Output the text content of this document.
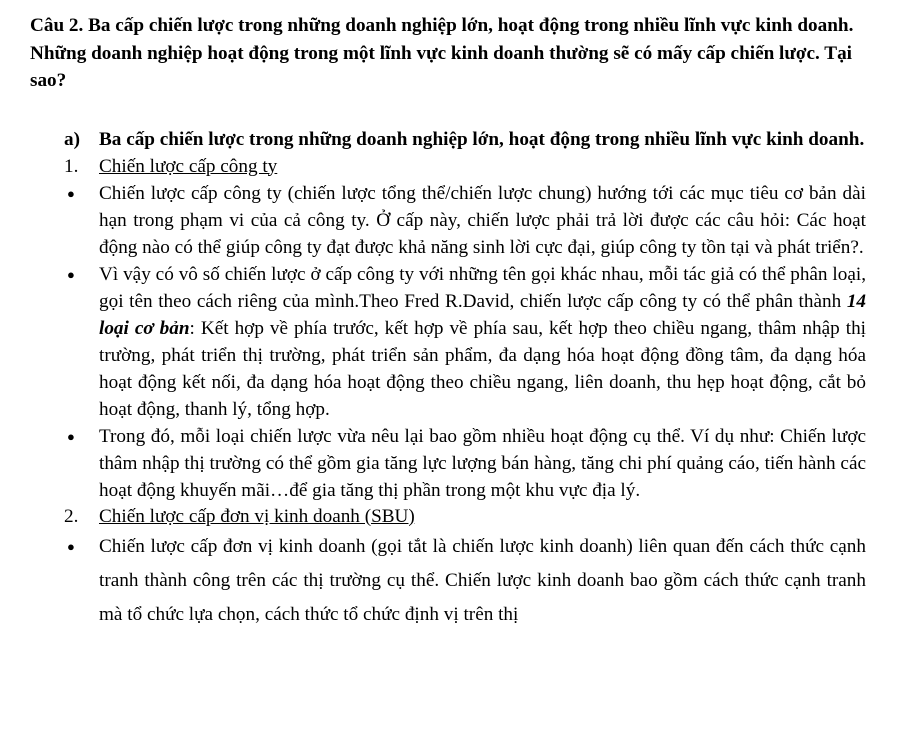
Câu 2. Ba cấp chiến lược trong những doanh nghiệp lớn, hoạt động trong nhiều lĩnh vực kinh doanh. Những doanh nghiệp hoạt động trong một lĩnh vực kinh doanh thường sẽ có mấy cấp chiến lược. Tại sao?

a) Ba cấp chiến lược trong những doanh nghiệp lớn, hoạt động trong nhiều lĩnh vực kinh doanh.
1.	Chiến lược cấp công ty
●	Chiến lược cấp công ty (chiến lược tổng thể/chiến lược chung) hướng tới các mục tiêu cơ bản dài hạn trong phạm vi của cả công ty. Ở cấp này, chiến lược phải trả lời được các câu hỏi: Các hoạt động nào có thể giúp công ty đạt được khả năng sinh lời cực đại, giúp công ty tồn tại và phát triển?.
●	Vì vậy có vô số chiến lược ở cấp công ty với những tên gọi khác nhau, mỗi tác giả có thể phân loại, gọi tên theo cách riêng của mình.Theo Fred R.David, chiến lược cấp công ty có thể phân thành 14 loại cơ bản: Kết hợp về phía trước, kết hợp về phía sau, kết hợp theo chiều ngang, thâm nhập thị trường, phát triển thị trường, phát triển sản phẩm, đa dạng hóa hoạt động đồng tâm, đa dạng hóa hoạt động kết nối, đa dạng hóa hoạt động theo chiều ngang, liên doanh, thu hẹp hoạt động, cắt bỏ hoạt động, thanh lý, tổng hợp.
●	Trong đó, mỗi loại chiến lược vừa nêu lại bao gồm nhiều hoạt động cụ thể. Ví dụ như: Chiến lược thâm nhập thị trường có thể gồm gia tăng lực lượng bán hàng, tăng chi phí quảng cáo, tiến hành các hoạt động khuyến mãi…để gia tăng thị phần trong một khu vực địa lý.
2.	Chiến lược cấp đơn vị kinh doanh (SBU)
●	Chiến lược cấp đơn vị kinh doanh (gọi tắt là chiến lược kinh doanh) liên quan đến cách thức cạnh tranh thành công trên các thị trường cụ thể. Chiến lược kinh doanh bao gồm cách thức cạnh tranh mà tổ chức lựa chọn, cách thức tổ chức định vị trên thị
